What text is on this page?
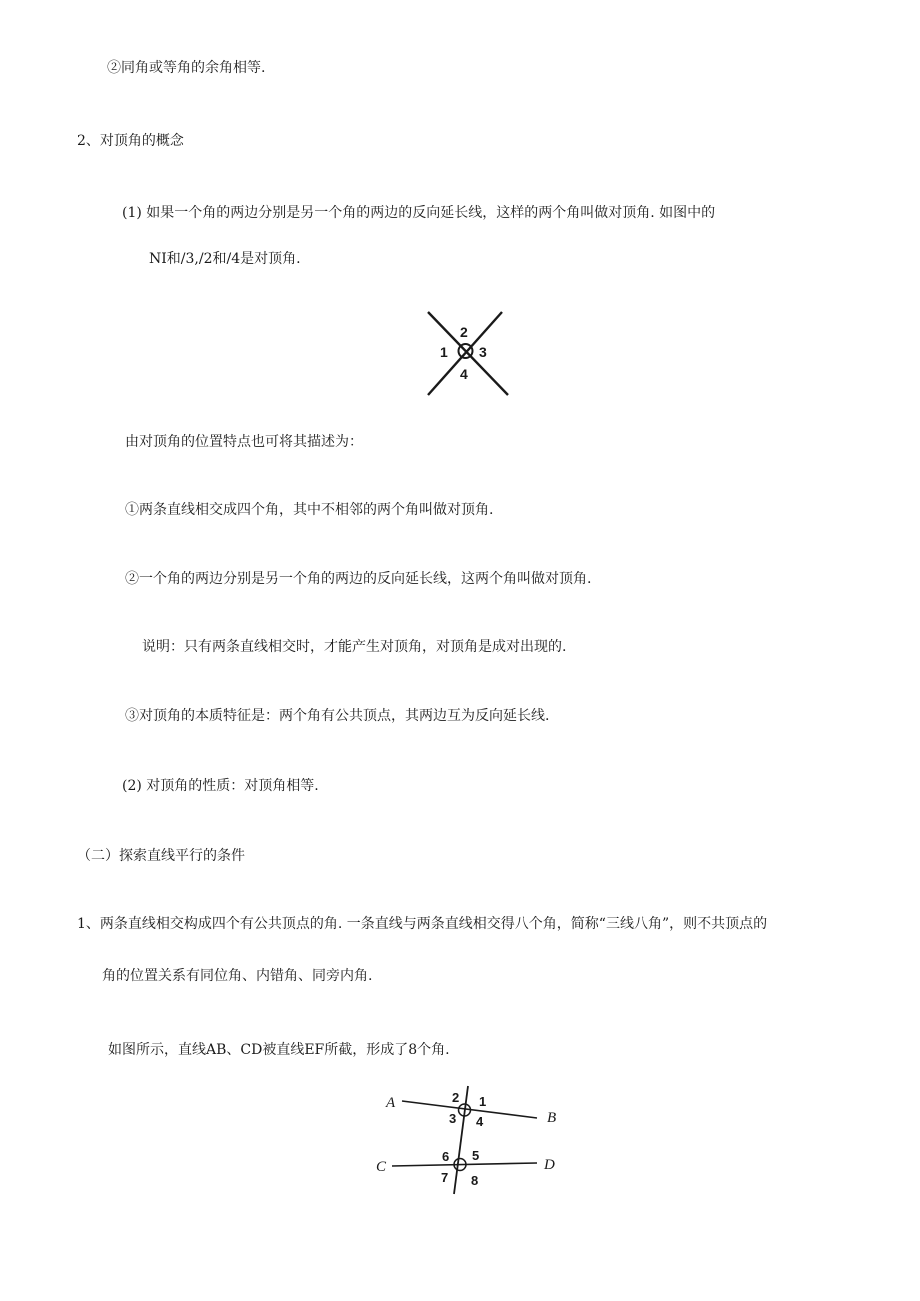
②同角或等角的余角相等.
2、对顶角的概念
(1) 如果一个角的两边分别是另一个角的两边的反向延长线，这样的两个角叫做对顶角. 如图中的
NI和/3,/2和/4是对顶角.
1
2
3
4
由对顶角的位置特点也可将其描述为：
①两条直线相交成四个角，其中不相邻的两个角叫做对顶角.
②一个角的两边分别是另一个角的两边的反向延长线，这两个角叫做对顶角.
说明：只有两条直线相交时，才能产生对顶角，对顶角是成对出现的.
③对顶角的本质特征是：两个角有公共顶点，其两边互为反向延长线.
(2) 对顶角的性质：对顶角相等.
（二）探索直线平行的条件
1、两条直线相交构成四个有公共顶点的角. 一条直线与两条直线相交得八个角，简称“三线八角”，则不共顶点的
角的位置关系有同位角、内错角、同旁内角.
如图所示，直线AB、CD被直线EF所截，形成了8个角.
A
B
C	D
1
2
3 4
5
6
7 8
